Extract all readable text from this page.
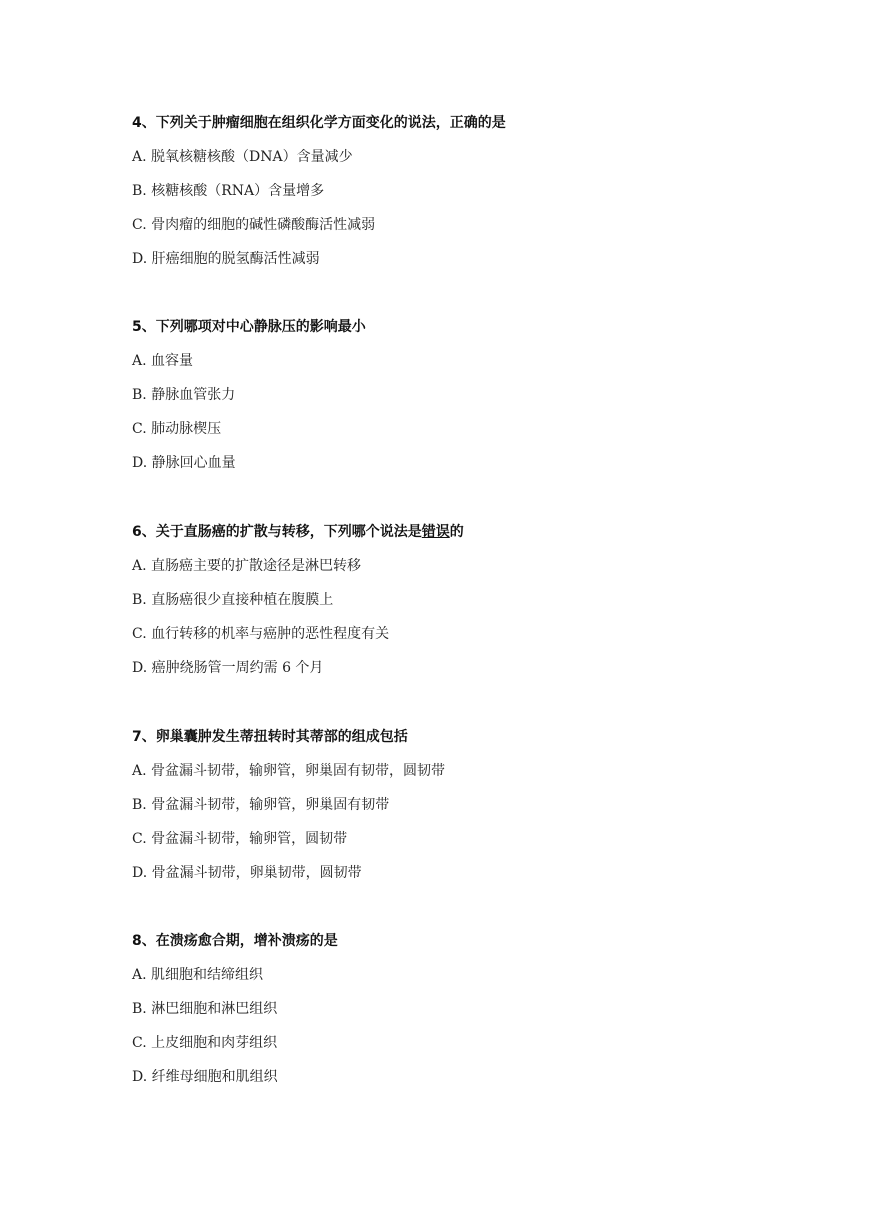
4、下列关于肿瘤细胞在组织化学方面变化的说法，正确的是
A. 脱氧核糖核酸（DNA）含量减少
B. 核糖核酸（RNA）含量增多
C. 骨肉瘤的细胞的碱性磷酸酶活性减弱
D. 肝癌细胞的脱氢酶活性减弱
5、下列哪项对中心静脉压的影响最小
A. 血容量
B. 静脉血管张力
C. 肺动脉楔压
D. 静脉回心血量
6、关于直肠癌的扩散与转移，下列哪个说法是错误的
A. 直肠癌主要的扩散途径是淋巴转移
B. 直肠癌很少直接种植在腹膜上
C. 血行转移的机率与癌肿的恶性程度有关
D. 癌肿绕肠管一周约需 6 个月
7、卵巢囊肿发生蒂扭转时其蒂部的组成包括
A. 骨盆漏斗韧带，输卵管，卵巢固有韧带，圆韧带
B. 骨盆漏斗韧带，输卵管，卵巢固有韧带
C. 骨盆漏斗韧带，输卵管，圆韧带
D. 骨盆漏斗韧带，卵巢韧带，圆韧带
8、在溃疡愈合期，增补溃疡的是
A. 肌细胞和结缔组织
B. 淋巴细胞和淋巴组织
C. 上皮细胞和肉芽组织
D. 纤维母细胞和肌组织
